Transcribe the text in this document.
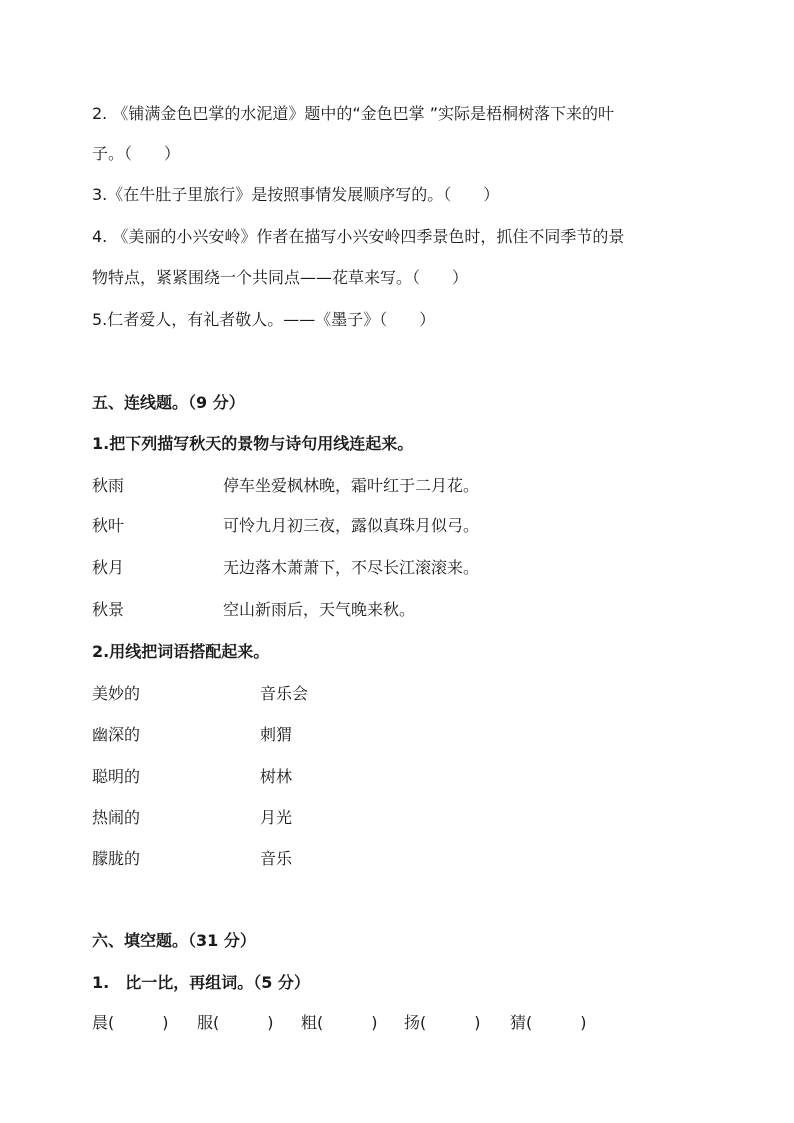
2. 《铺满金色巴掌的水泥道》题中的“金色巴掌 ”实际是梧桐树落下来的叶
子。（　　）
3.《在牛肚子里旅行》是按照事情发展顺序写的。（　　）
4. 《美丽的小兴安岭》作者在描写小兴安岭四季景色时，抓住不同季节的景
物特点，紧紧围绕一个共同点——花草来写。（　　）
5.仁者爱人，有礼者敬人。——《墨子》（　　）
五、连线题。（9 分）
1.把下列描写秋天的景物与诗句用线连起来。
秋雨	停车坐爱枫林晚，霜叶红于二月花。
秋叶	可怜九月初三夜，露似真珠月似弓。
秋月	无边落木萧萧下，不尽长江滚滚来。
秋景	空山新雨后，天气晚来秋。
2.用线把词语搭配起来。
美妙的	音乐会
幽深的	刺猬
聪明的	树林
热闹的	月光
朦胧的	音乐
六、填空题。（31 分）
1.　比一比，再组词。（5 分）
晨(　　　) 服(　　　) 粗(　　　) 扬(　　　) 猜(　　　)
